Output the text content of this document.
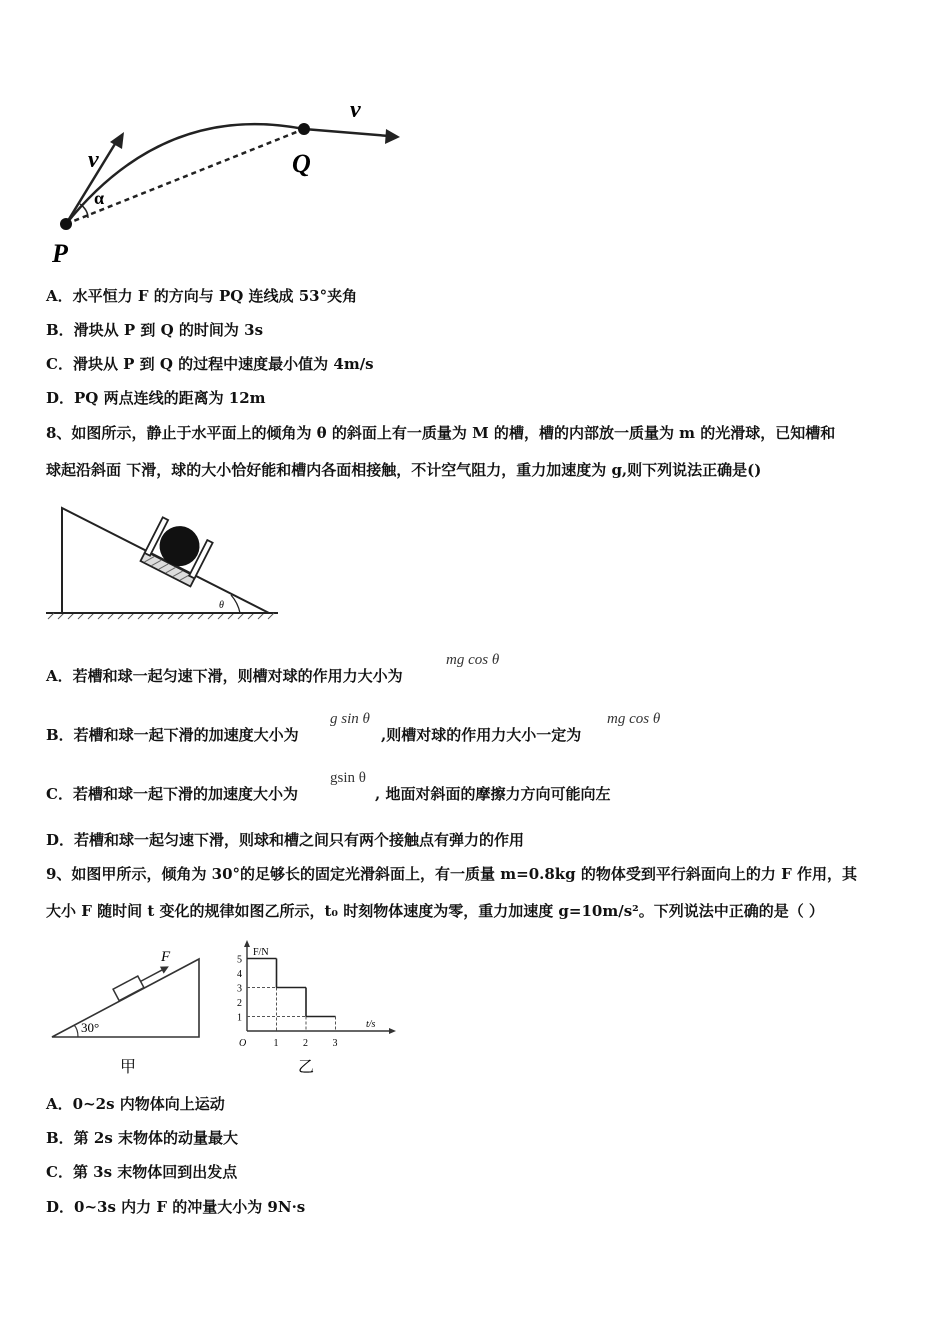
v
α
P
Q
v
A．水平恒力 F 的方向与 PQ 连线成 53°夹角
B．滑块从 P 到 Q 的时间为 3s
C．滑块从 P 到 Q 的过程中速度最小值为 4m/s
D．PQ 两点连线的距离为 12m
8、如图所示，静止于水平面上的倾角为 θ 的斜面上有一质量为 M 的槽，槽的内部放一质量为 m 的光滑球，已知槽和
球起沿斜面 下滑，球的大小恰好能和槽内各面相接触，不计空气阻力，重力加速度为 g,则下列说法正确是()
θ
A．若槽和球一起匀速下滑，则槽对球的作用力大小为
mg cos θ
B．若槽和球一起下滑的加速度大小为
g sin θ
,则槽对球的作用力大小一定为
mg cos θ
C．若槽和球一起下滑的加速度大小为
gsin θ
, 地面对斜面的摩擦力方向可能向左
D．若槽和球一起匀速下滑，则球和槽之间只有两个接触点有弹力的作用
9、如图甲所示，倾角为 30°的足够长的固定光滑斜面上，有一质量 m=0.8kg 的物体受到平行斜面向上的力 F 作用，其
大小 F 随时间 t 变化的规律如图乙所示，t₀ 时刻物体速度为零，重力加速度 g=10m/s²。下列说法中正确的是（ ）
F
30°
甲
F/N
t/s
5
4
3
2
1
O	1 2 3
乙
A．0~2s 内物体向上运动
B．第 2s 末物体的动量最大
C．第 3s 末物体回到出发点
D．0~3s 内力 F 的冲量大小为 9N·s
